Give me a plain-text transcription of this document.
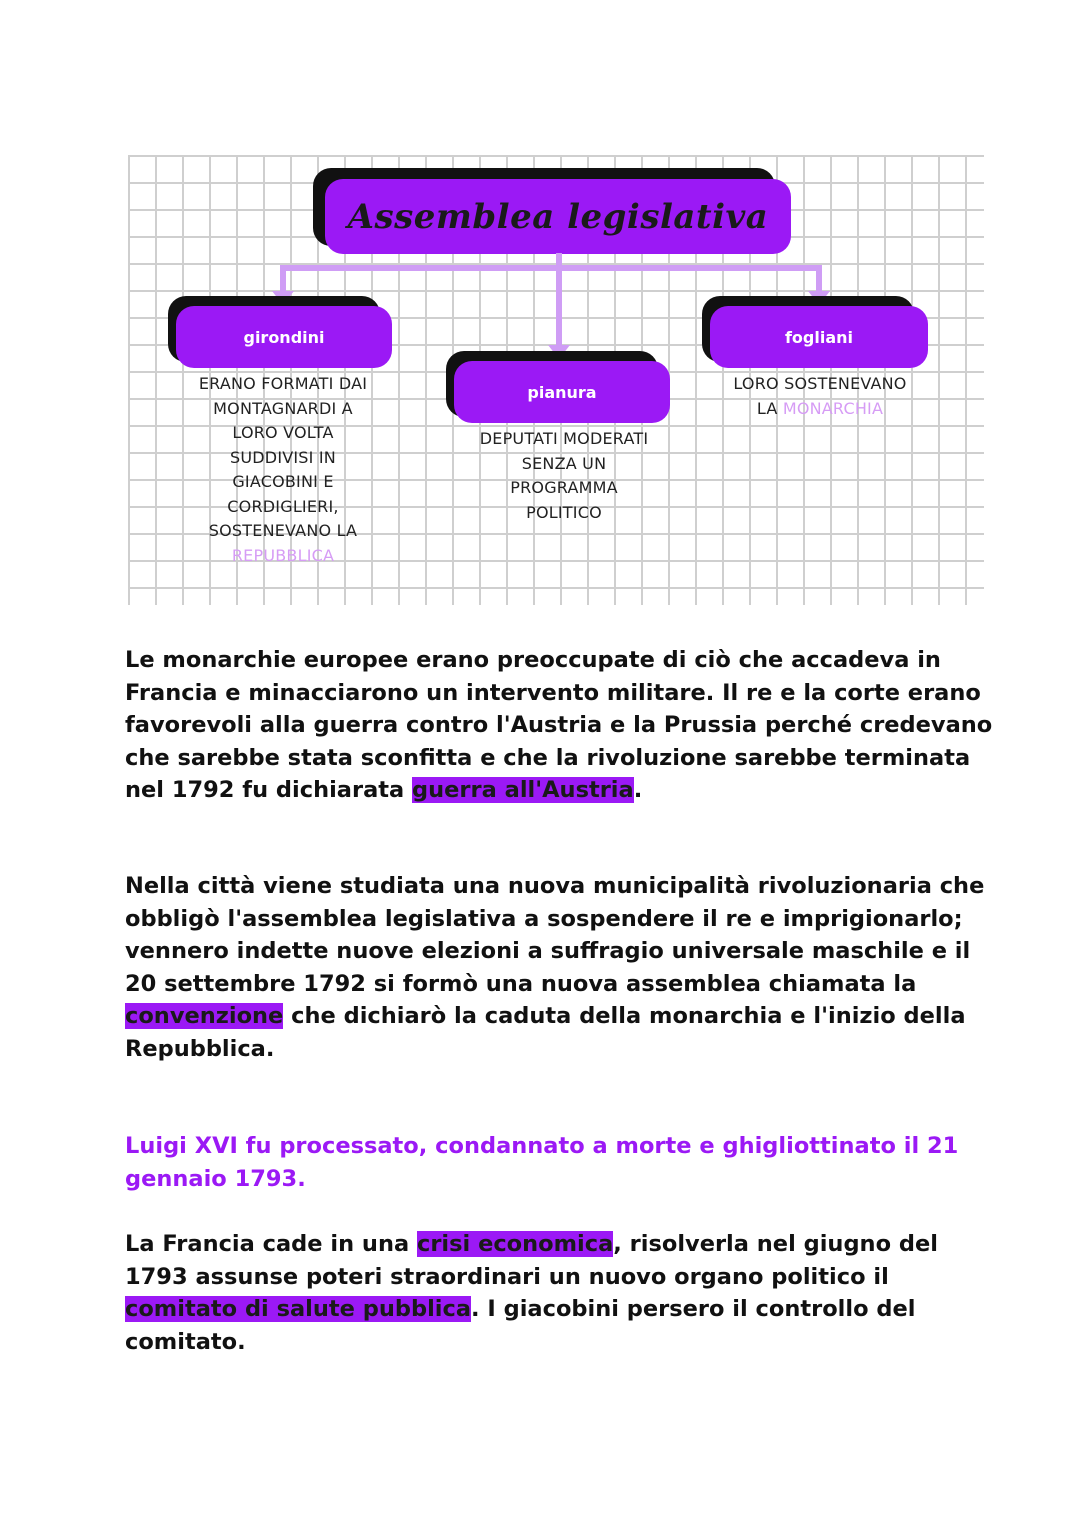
Assemblea legislativa
girondini
pianura
fogliani
ERANO FORMATI DAI
MONTAGNARDI A
LORO VOLTA
SUDDIVISI IN
GIACOBINI E
CORDIGLIERI,
SOSTENEVANO LA
REPUBBLICA
DEPUTATI MODERATI
SENZA UN
PROGRAMMA
POLITICO
LORO SOSTENEVANO
LA MONARCHIA

Le monarchie europee erano preoccupate di ciò che accadeva in Francia e minacciarono un intervento militare. Il re e la corte erano favorevoli alla guerra contro l'Austria e la Prussia perché credevano che sarebbe stata sconfitta e che la rivoluzione sarebbe terminata nel 1792 fu dichiarata guerra all'Austria.

Nella città viene studiata una nuova municipalità rivoluzionaria che obbligò l'assemblea legislativa a sospendere il re e imprigionarlo; vennero indette nuove elezioni a suffragio universale maschile e il 20 settembre 1792 si formò una nuova assemblea chiamata la convenzione che dichiarò la caduta della monarchia e l'inizio della Repubblica.

Luigi XVI fu processato, condannato a morte e ghigliottinato il 21 gennaio 1793.

La Francia cade in una crisi economica, risolverla nel giugno del 1793 assunse poteri straordinari un nuovo organo politico il comitato di salute pubblica. I giacobini persero il controllo del comitato.
